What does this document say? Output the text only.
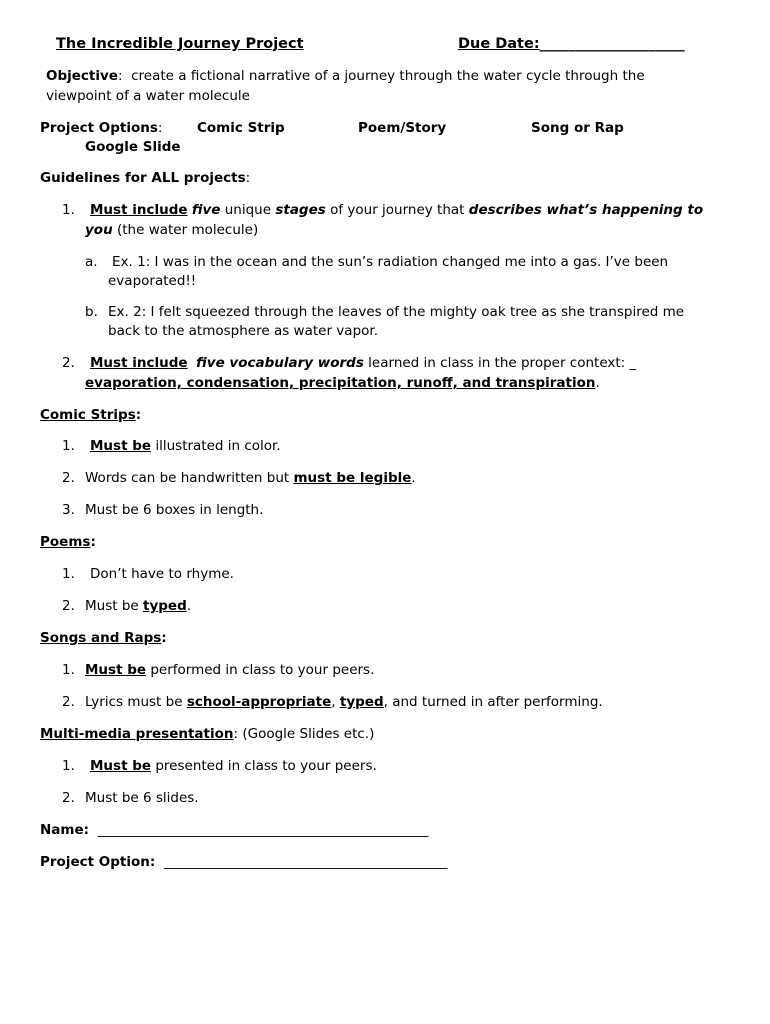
The Incredible Journey Project	Due Date:____________________
Objective: create a fictional narrative of a journey through the water cycle through the
viewpoint of a water molecule
Project Options:	Comic Strip	Poem/Story	Song or Rap
Google Slide
Guidelines for ALL projects:
1. Must include five unique stages of your journey that describes what’s happening to
you (the water molecule)
a. Ex. 1: I was in the ocean and the sun’s radiation changed me into a gas. I’ve been
evaporated!!
b. Ex. 2: I felt squeezed through the leaves of the mighty oak tree as she transpired me
back to the atmosphere as water vapor.
2. Must include five vocabulary words learned in class in the proper context: _
evaporation, condensation, precipitation, runoff, and transpiration.
Comic Strips:
1. Must be illustrated in color.
2. Words can be handwritten but must be legible.
3. Must be 6 boxes in length.
Poems:
1. Don’t have to rhyme.
2. Must be typed.
Songs and Raps:
1. Must be performed in class to your peers.
2. Lyrics must be school-appropriate, typed, and turned in after performing.
Multi-media presentation: (Google Slides etc.)
1. Must be presented in class to your peers.
2. Must be 6 slides.
Name: _________________________________________________
Project Option: __________________________________________
